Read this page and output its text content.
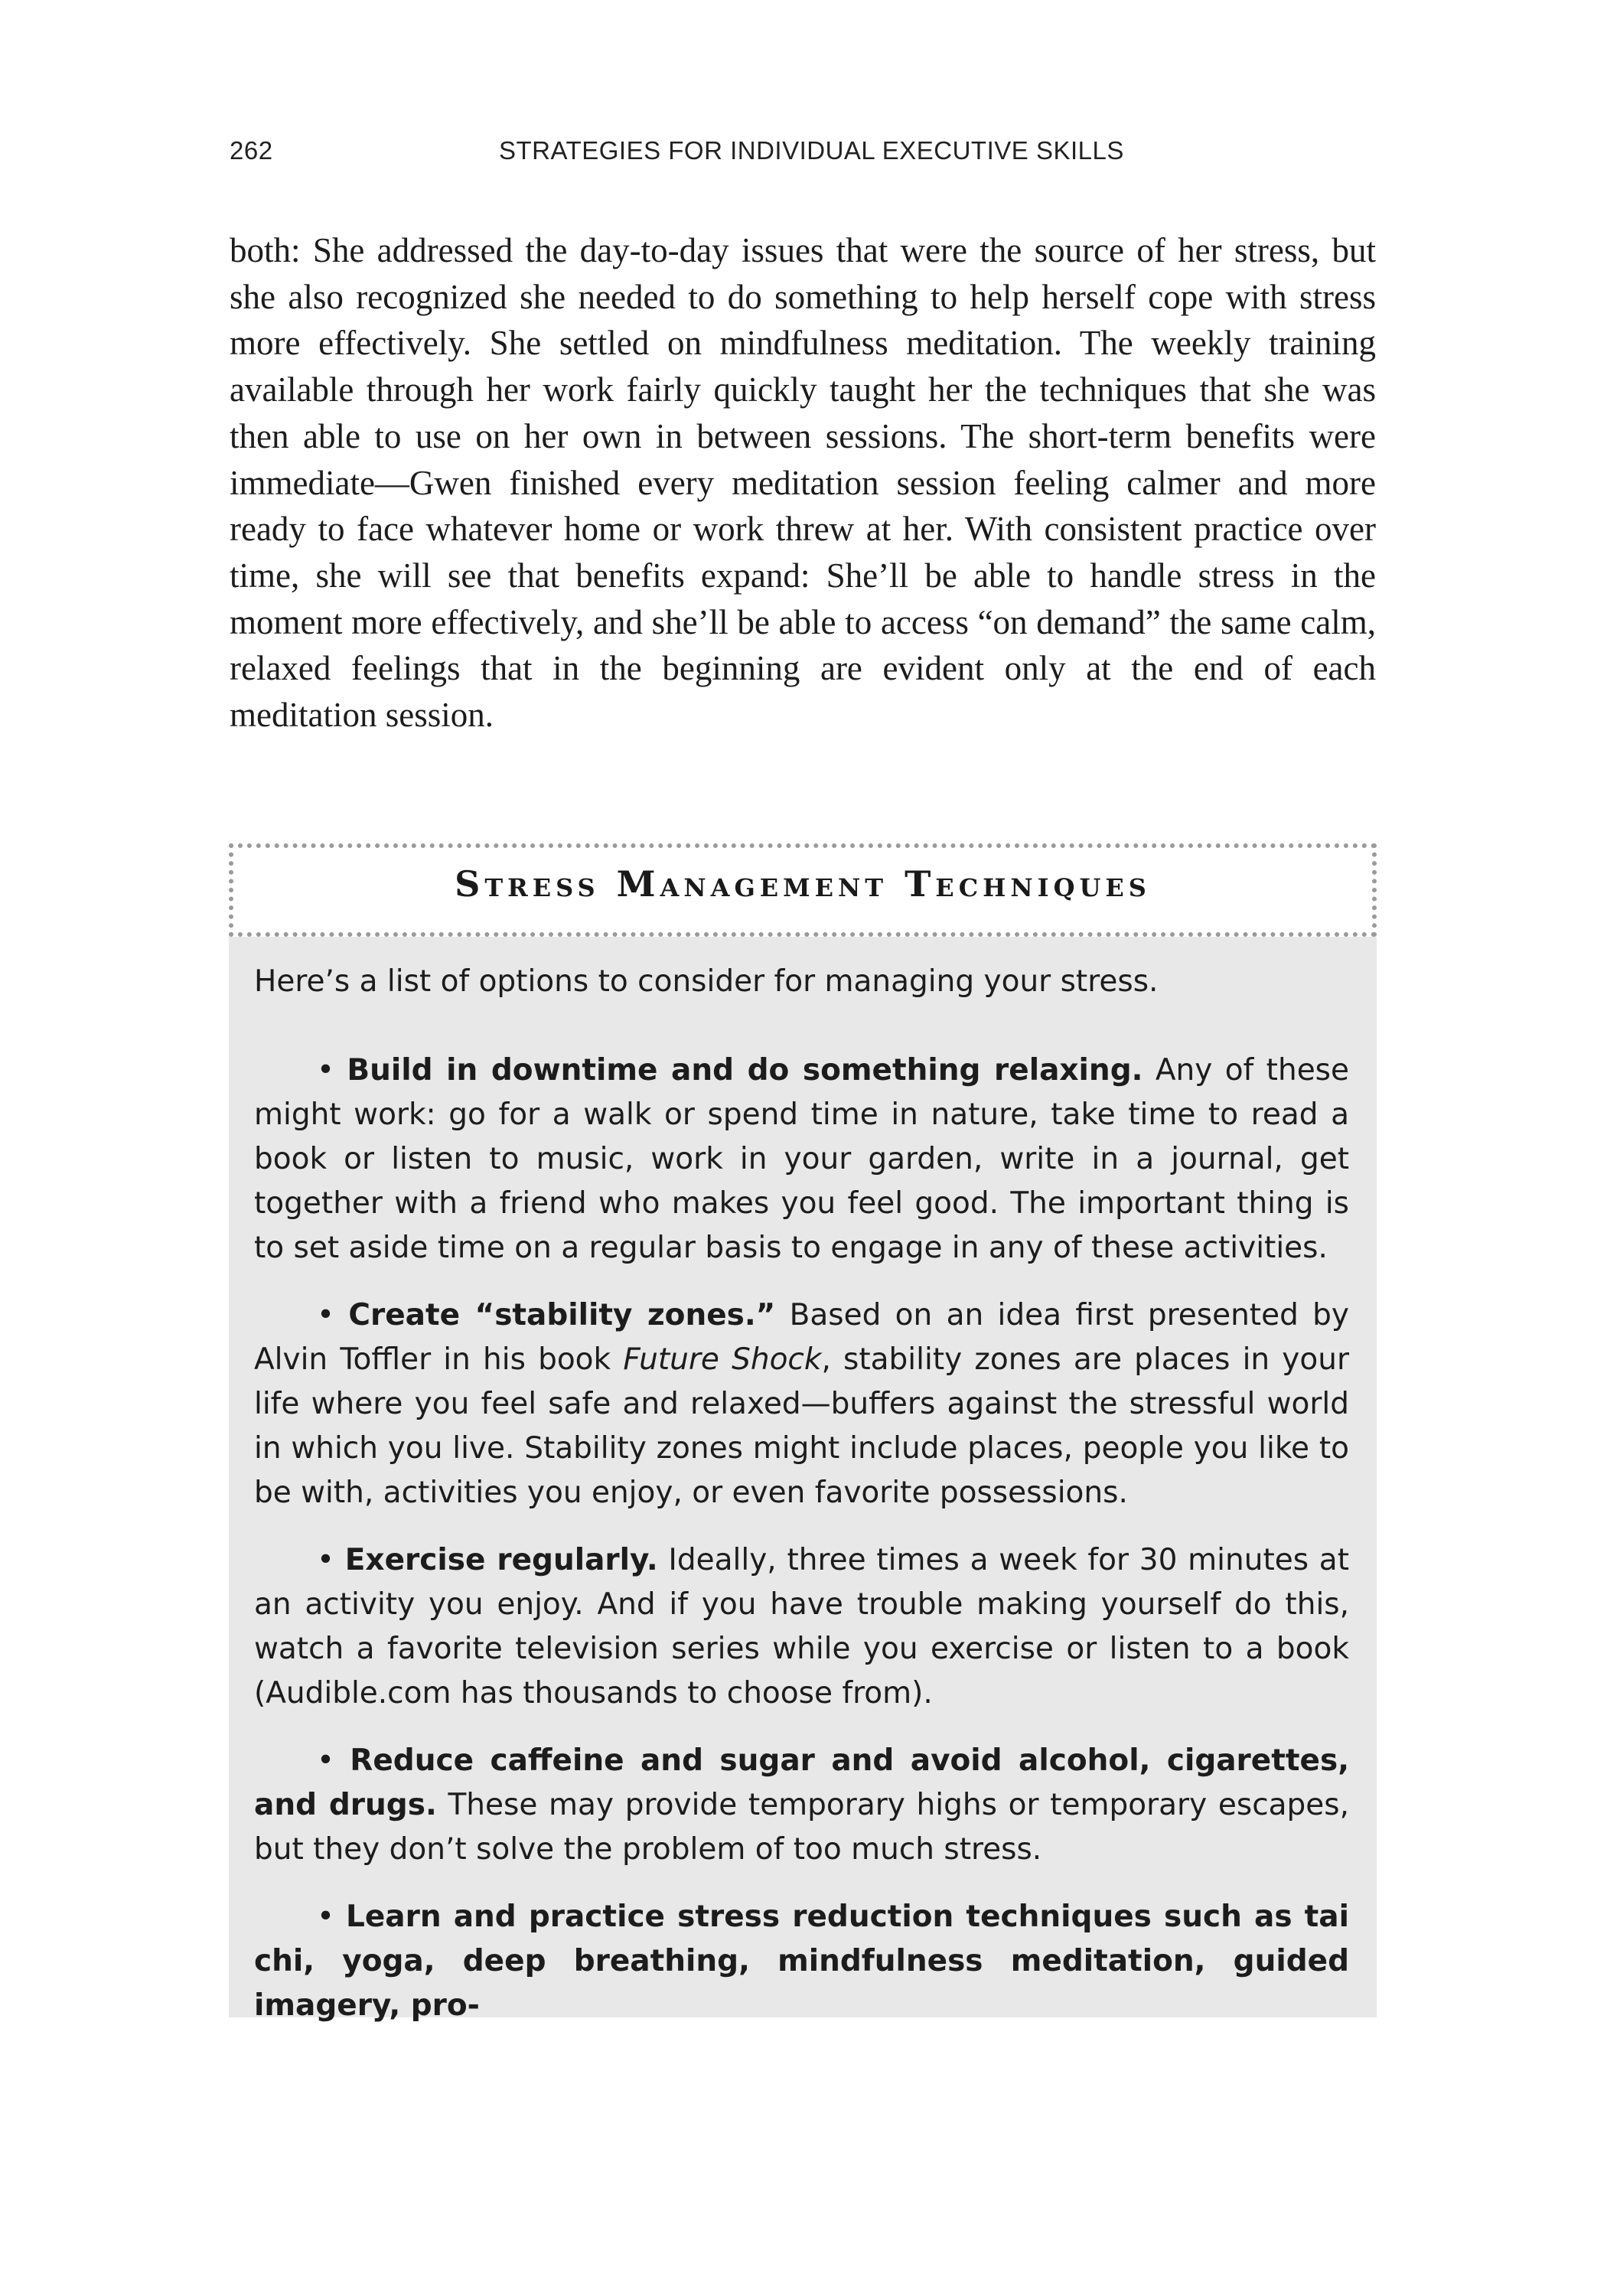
262	STRATEGIES FOR INDIVIDUAL EXECUTIVE SKILLS

both: She addressed the day-to-day issues that were the source of her stress, but she also recognized she needed to do something to help herself cope with stress more effectively. She settled on mindfulness meditation. The weekly training available through her work fairly quickly taught her the techniques that she was then able to use on her own in between sessions. The short-term benefits were immediate—Gwen finished every meditation session feeling calmer and more ready to face whatever home or work threw at her. With consistent practice over time, she will see that benefits expand: She’ll be able to handle stress in the moment more effectively, and she’ll be able to access “on demand” the same calm, relaxed feelings that in the beginning are evident only at the end of each meditation session.

Stress Management Techniques

Here’s a list of options to consider for managing your stress.

• Build in downtime and do something relaxing. Any of these might work: go for a walk or spend time in nature, take time to read a book or listen to music, work in your garden, write in a journal, get together with a friend who makes you feel good. The important thing is to set aside time on a regular basis to engage in any of these activities.

• Create “stability zones.” Based on an idea first presented by Alvin Toffler in his book Future Shock, stability zones are places in your life where you feel safe and relaxed—buffers against the stressful world in which you live. Stability zones might include places, people you like to be with, activities you enjoy, or even favorite possessions.

• Exercise regularly. Ideally, three times a week for 30 minutes at an activity you enjoy. And if you have trouble making yourself do this, watch a favorite television series while you exercise or listen to a book (Audible.com has thousands to choose from).

• Reduce caffeine and sugar and avoid alcohol, cigarettes, and drugs. These may provide temporary highs or temporary escapes, but they don’t solve the problem of too much stress.

• Learn and practice stress reduction techniques such as tai chi, yoga, deep breathing, mindfulness meditation, guided imagery, pro-
